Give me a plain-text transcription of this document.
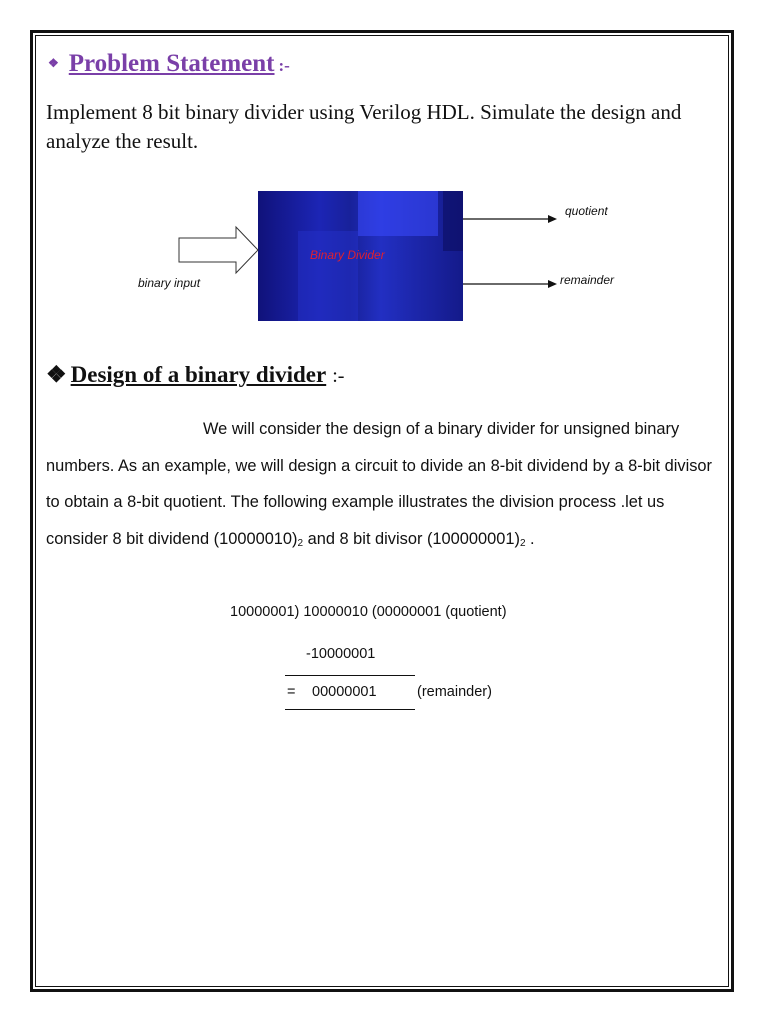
❖ Problem Statement :-
Implement 8 bit binary divider using Verilog HDL. Simulate the design and analyze the result.
Binary Divider
binary input
quotient
remainder
❖ Design of a binary divider :-
We will consider the design of a binary divider for unsigned binary numbers. As an example, we will design a circuit to divide an 8-bit dividend by a 8-bit divisor to obtain a 8-bit quotient. The following example illustrates the division process .let us consider 8 bit dividend $(10000010)_2$ and 8 bit divisor $(100000001)_2$ .
10000001) 10000010 (00000001 (quotient)
-10000001
= 00000001	(remainder)
